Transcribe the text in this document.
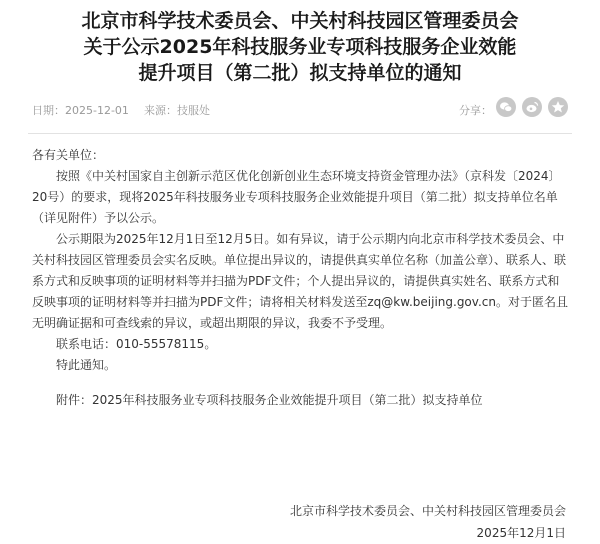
北京市科学技术委员会、中关村科技园区管理委员会
关于公示2025年科技服务业专项科技服务企业效能
提升项目（第二批）拟支持单位的通知
日期：2025-12-01 来源：技服处	分享：

各有关单位：

按照《中关村国家自主创新示范区优化创新创业生态环境支持资金管理办法》（京科发〔2024〕20号）的要求，现将2025年科技服务业专项科技服务企业效能提升项目（第二批）拟支持单位名单（详见附件）予以公示。

公示期限为2025年12月1日至12月5日。如有异议，请于公示期内向北京市科学技术委员会、中关村科技园区管理委员会实名反映。单位提出异议的，请提供真实单位名称（加盖公章）、联系人、联系方式和反映事项的证明材料等并扫描为PDF文件；个人提出异议的，请提供真实姓名、联系方式和反映事项的证明材料等并扫描为PDF文件；请将相关材料发送至zq@kw.beijing.gov.cn。对于匿名且无明确证据和可查线索的异议，或超出期限的异议，我委不予受理。

联系电话：010-55578115。

特此通知。

附件：2025年科技服务业专项科技服务企业效能提升项目（第二批）拟支持单位

北京市科学技术委员会、中关村科技园区管理委员会
2025年12月1日
